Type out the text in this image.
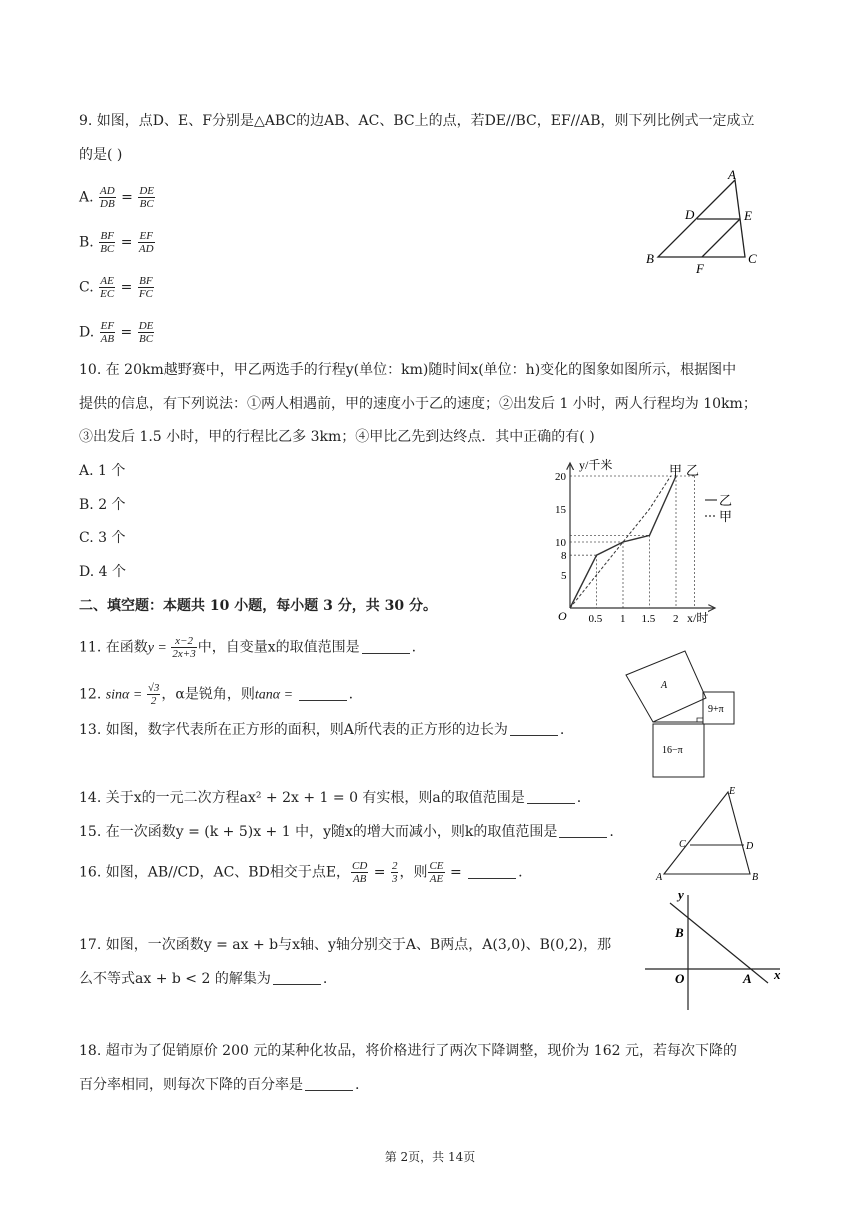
9. 如图，点D、E、F分别是△ABC的边AB、AC、BC上的点，若DE//BC，EF//AB，则下列比例式一定成立
的是( )
A. $\frac{AD}{DB} = \frac{DE}{BC}$
B. $\frac{BF}{BC} = \frac{EF}{AD}$
C. $\frac{AE}{EC} = \frac{BF}{FC}$
D. $\frac{EF}{AB} = \frac{DE}{BC}$
A
D	E
B
F
C
10. 在 20km越野赛中，甲乙两选手的行程y(单位：km)随时间x(单位：h)变化的图象如图所示，根据图中
提供的信息，有下列说法：①两人相遇前，甲的速度小于乙的速度；②出发后 1 小时，两人行程均为 10km；
③出发后 1.5 小时，甲的行程比乙多 3km；④甲比乙先到达终点．其中正确的有( )
A. 1 个
B. 2 个
C. 3 个
D. 4 个
y/千米
x/时
O
甲 乙
0.5 1 1.5 2
5
8
10
15
20
乙
甲
二、填空题：本题共 10 小题，每小题 3 分，共 30 分。
11. 在函数$y = \frac{x-2}{2x+3}$ 中，自变量x的取值范围是	.
12. $\sin\alpha = \frac{√3}{2}$ ，α是锐角，则tanα =	.
13. 如图，数字代表所在正方形的面积，则A所代表的正方形的边长为	.
A
9+π
16−π
14. 关于x的一元二次方程ax² + 2x + 1 = 0 有实根，则a的取值范围是	.
15. 在一次函数y = (k + 5)x + 1 中，y随x的增大而减小，则k的取值范围是	.
16. 如图，AB//CD，AC、BD相交于点E， $\frac{CD}{AB} = \frac{2}{3}$ ，则 $\frac{CE}{AE}$ =	.
E
C	D
A	B
17. 如图，一次函数y = ax + b与x轴、y轴分别交于A、B两点，A(3,0)、B(0,2)，那
么不等式ax + b < 2 的解集为	.
y
x
B
O	A
18. 超市为了促销原价 200 元的某种化妆品，将价格进行了两次下降调整，现价为 162 元，若每次下降的
百分率相同，则每次下降的百分率是	.
第 2页，共 14页
